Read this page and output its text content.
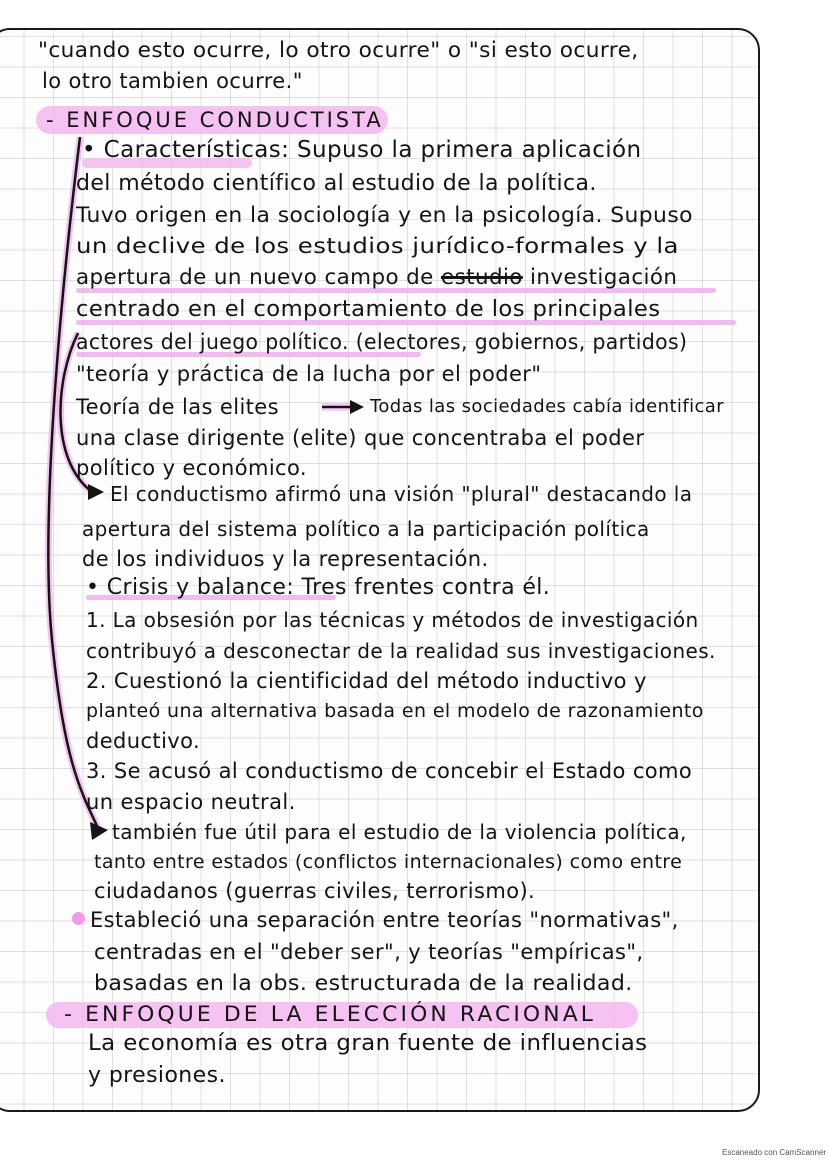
"cuando esto ocurre, lo otro ocurre" o "si esto ocurre,
lo otro tambien ocurre."
- ENFOQUE CONDUCTISTA
• Características: Supuso la primera aplicación
del método científico al estudio de la política.
Tuvo origen en la sociología y en la psicología. Supuso
un declive de los estudios jurídico-formales y la
apertura de un nuevo campo de estudio investigación
centrado en el comportamiento de los principales
actores del juego político. (electores, gobiernos, partidos)
"teoría y práctica de la lucha por el poder"
Teoría de las elites	Todas las sociedades cabía identificar
una clase dirigente (elite) que concentraba el poder
político y económico.
El conductismo afirmó una visión "plural" destacando la
apertura del sistema político a la participación política
de los individuos y la representación.
• Crisis y balance: Tres frentes contra él.
1. La obsesión por las técnicas y métodos de investigación
contribuyó a desconectar de la realidad sus investigaciones.
2. Cuestionó la cientificidad del método inductivo y
planteó una alternativa basada en el modelo de razonamiento
deductivo.
3. Se acusó al conductismo de concebir el Estado como
un espacio neutral.
también fue útil para el estudio de la violencia política,
tanto entre estados (conflictos internacionales) como entre
ciudadanos (guerras civiles, terrorismo).
Estableció una separación entre teorías "normativas",
centradas en el "deber ser", y teorías "empíricas",
basadas en la obs. estructurada de la realidad.
- ENFOQUE DE LA ELECCIÓN RACIONAL
La economía es otra gran fuente de influencias
y presiones.
Escaneado con CamScanner
